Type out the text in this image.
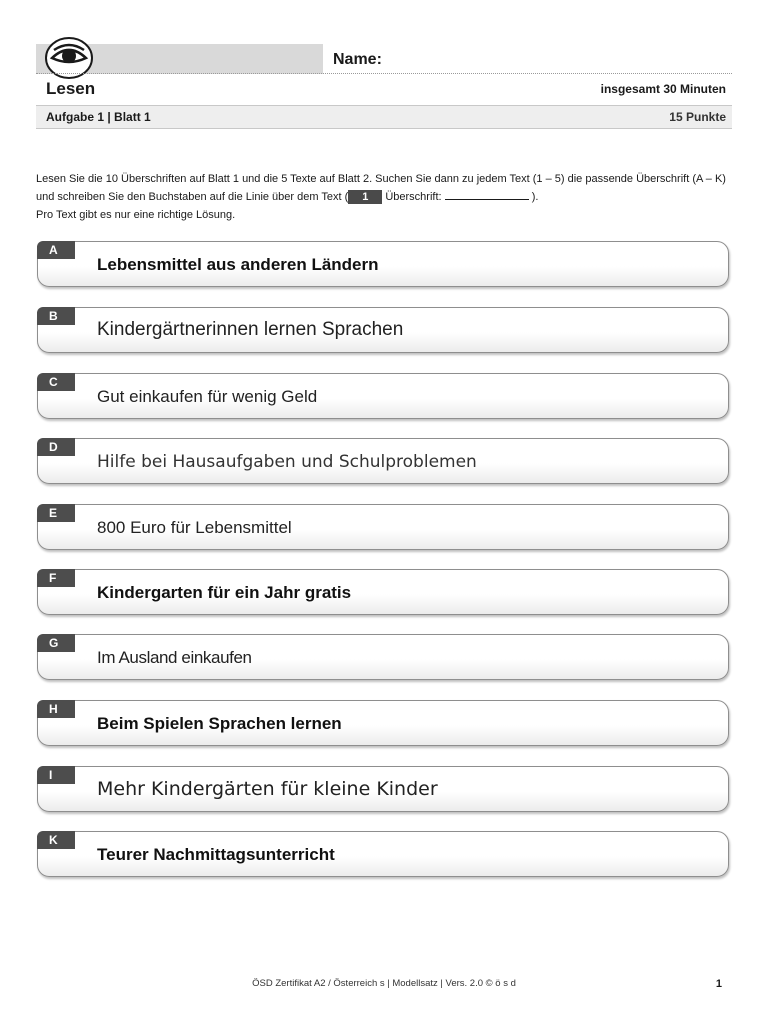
Name:
Lesen	insgesamt 30 Minuten
Aufgabe 1 | Blatt 1	15 Punkte
Lesen Sie die 10 Überschriften auf Blatt 1 und die 5 Texte auf Blatt 2. Suchen Sie dann zu jedem Text (1 – 5) die passende Überschrift (A – K) und schreiben Sie den Buchstaben auf die Linie über dem Text ( 1 Überschrift:	).
Pro Text gibt es nur eine richtige Lösung.
A
Lebensmittel aus anderen Ländern
B
Kindergärtnerinnen lernen Sprachen
C
Gut einkaufen für wenig Geld
D
Hilfe bei Hausaufgaben und Schulproblemen
E
800 Euro für Lebensmittel
F
Kindergarten für ein Jahr gratis
G
Im Ausland einkaufen
H
Beim Spielen Sprachen lernen
I
Mehr Kindergärten für kleine Kinder
K
Teurer Nachmittagsunterricht
ÖSD Zertifikat A2 / Österreich s | Modellsatz | Vers. 2.0 © ö s d	1
